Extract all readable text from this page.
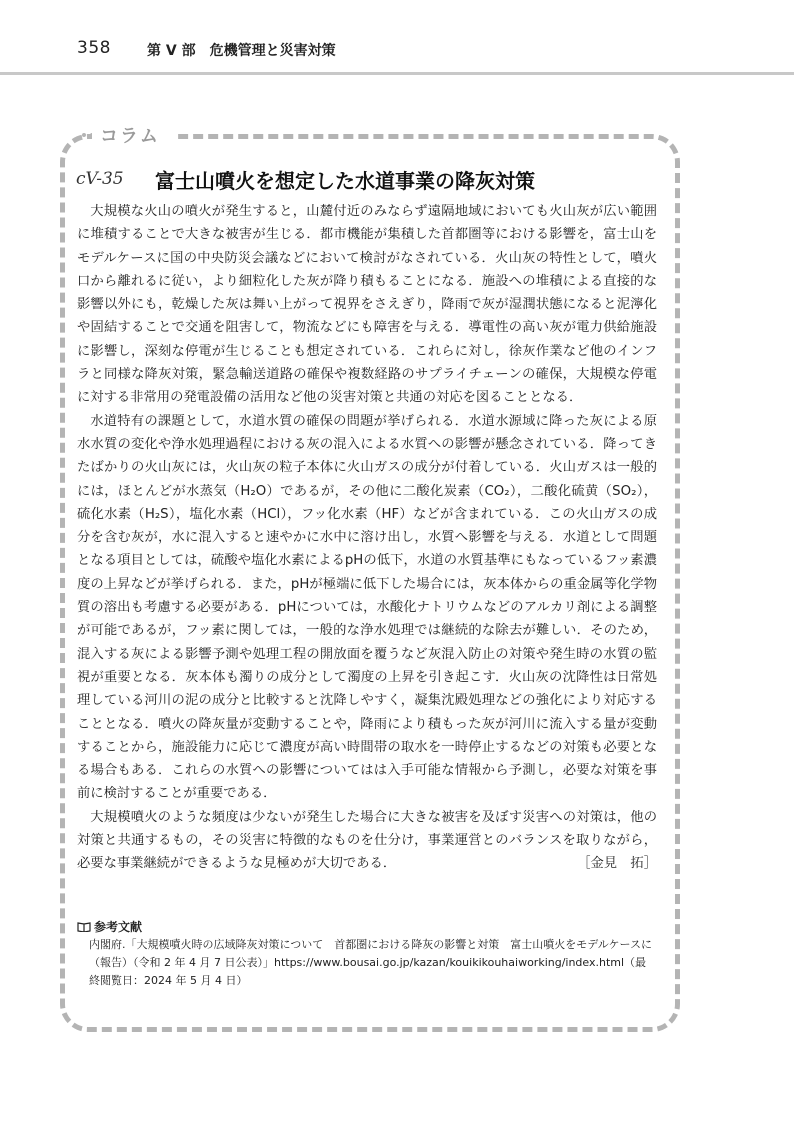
358	第 V 部　危機管理と災害対策
コラム
cV-35 富士山噴火を想定した水道事業の降灰対策

大規模な火山の噴火が発生すると，山麓付近のみならず遠隔地域においても火山灰が広い範囲に堆積することで大きな被害が生じる．都市機能が集積した首都圏等における影響を，富士山をモデルケースに国の中央防災会議などにおいて検討がなされている．火山灰の特性として，噴火口から離れるに従い，より細粒化した灰が降り積もることになる．施設への堆積による直接的な影響以外にも，乾燥した灰は舞い上がって視界をさえぎり，降雨で灰が湿潤状態になると泥濘化や固結することで交通を阻害して，物流などにも障害を与える．導電性の高い灰が電力供給施設に影響し，深刻な停電が生じることも想定されている．これらに対し，徐灰作業など他のインフラと同様な降灰対策，緊急輸送道路の確保や複数経路のサプライチェーンの確保，大規模な停電に対する非常用の発電設備の活用など他の災害対策と共通の対応を図ることとなる．

水道特有の課題として，水道水質の確保の問題が挙げられる．水道水源域に降った灰による原水水質の変化や浄水処理過程における灰の混入による水質への影響が懸念されている．降ってきたばかりの火山灰には，火山灰の粒子本体に火山ガスの成分が付着している．火山ガスは一般的には，ほとんどが水蒸気（H₂O）であるが，その他に二酸化炭素（CO₂），二酸化硫黄（SO₂），硫化水素（H₂S），塩化水素（HCl），フッ化水素（HF）などが含まれている．この火山ガスの成分を含む灰が，水に混入すると速やかに水中に溶け出し，水質へ影響を与える．水道として問題となる項目としては，硫酸や塩化水素によるpHの低下，水道の水質基準にもなっているフッ素濃度の上昇などが挙げられる．また，pHが極端に低下した場合には，灰本体からの重金属等化学物質の溶出も考慮する必要がある．pHについては，水酸化ナトリウムなどのアルカリ剤による調整が可能であるが，フッ素に関しては，一般的な浄水処理では継続的な除去が難しい．そのため，混入する灰による影響予測や処理工程の開放面を覆うなど灰混入防止の対策や発生時の水質の監視が重要となる．灰本体も濁りの成分として濁度の上昇を引き起こす．火山灰の沈降性は日常処理している河川の泥の成分と比較すると沈降しやすく，凝集沈殿処理などの強化により対応することとなる．噴火の降灰量が変動することや，降雨により積もった灰が河川に流入する量が変動することから，施設能力に応じて濃度が高い時間帯の取水を一時停止するなどの対策も必要となる場合もある．これらの水質への影響についてはは入手可能な情報から予測し，必要な対策を事前に検討することが重要である．

大規模噴火のような頻度は少ないが発生した場合に大きな被害を及ぼす災害への対策は，他の対策と共通するもの，その災害に特徴的なものを仕分け，事業運営とのバランスを取りながら，必要な事業継続ができるような見極めが大切である．	［金見　拓］

参考文献
内閣府.「大規模噴火時の広域降灰対策について　首都圏における降灰の影響と対策　富士山噴火をモデルケースに（報告）（令和 2 年 4 月 7 日公表）」https://www.bousai.go.jp/kazan/kouikikouhaiworking/index.html（最終閲覧日：2024 年 5 月 4 日）
